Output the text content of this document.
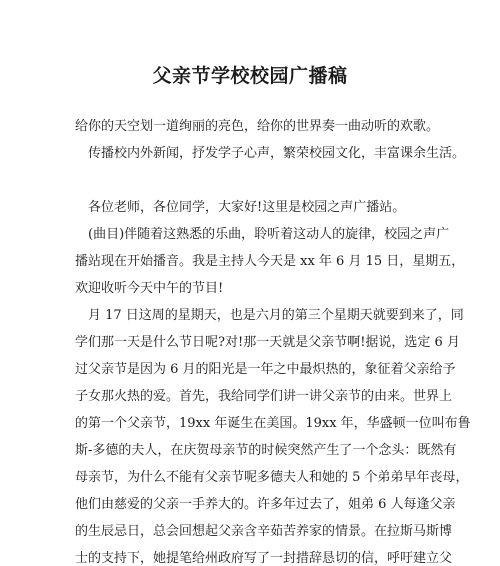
父亲节学校校园广播稿
给你的天空划一道绚丽的亮色，给你的世界奏一曲动听的欢歌。
传播校内外新闻，抒发学子心声，繁荣校园文化，丰富课余生活。
各位老师，各位同学，大家好!这里是校园之声广播站。
(曲目)伴随着这熟悉的乐曲，聆听着这动人的旋律，校园之声广
播站现在开始播音。我是主持人今天是 xx 年 6 月 15 日，星期五，
欢迎收听今天中午的节目!
月 17 日这周的星期天，也是六月的第三个星期天就要到来了，同
学们那一天是什么节日呢?对!那一天就是父亲节啊!据说，选定 6 月
过父亲节是因为 6 月的阳光是一年之中最炽热的，象征着父亲给予
子女那火热的爱。首先，我给同学们讲一讲父亲节的由来。世界上
的第一个父亲节，19xx 年诞生在美国。19xx 年，华盛顿一位叫布鲁
斯-多德的夫人，在庆贺母亲节的时候突然产生了一个念头：既然有
母亲节，为什么不能有父亲节呢多德夫人和她的 5 个弟弟早年丧母，
他们由慈爱的父亲一手养大的。许多年过去了，姐弟 6 人每逢父亲
的生辰忌日，总会回想起父亲含辛茹苦养家的情景。在拉斯马斯博
士的支持下，她提笔给州政府写了一封措辞恳切的信，呼吁建立父
